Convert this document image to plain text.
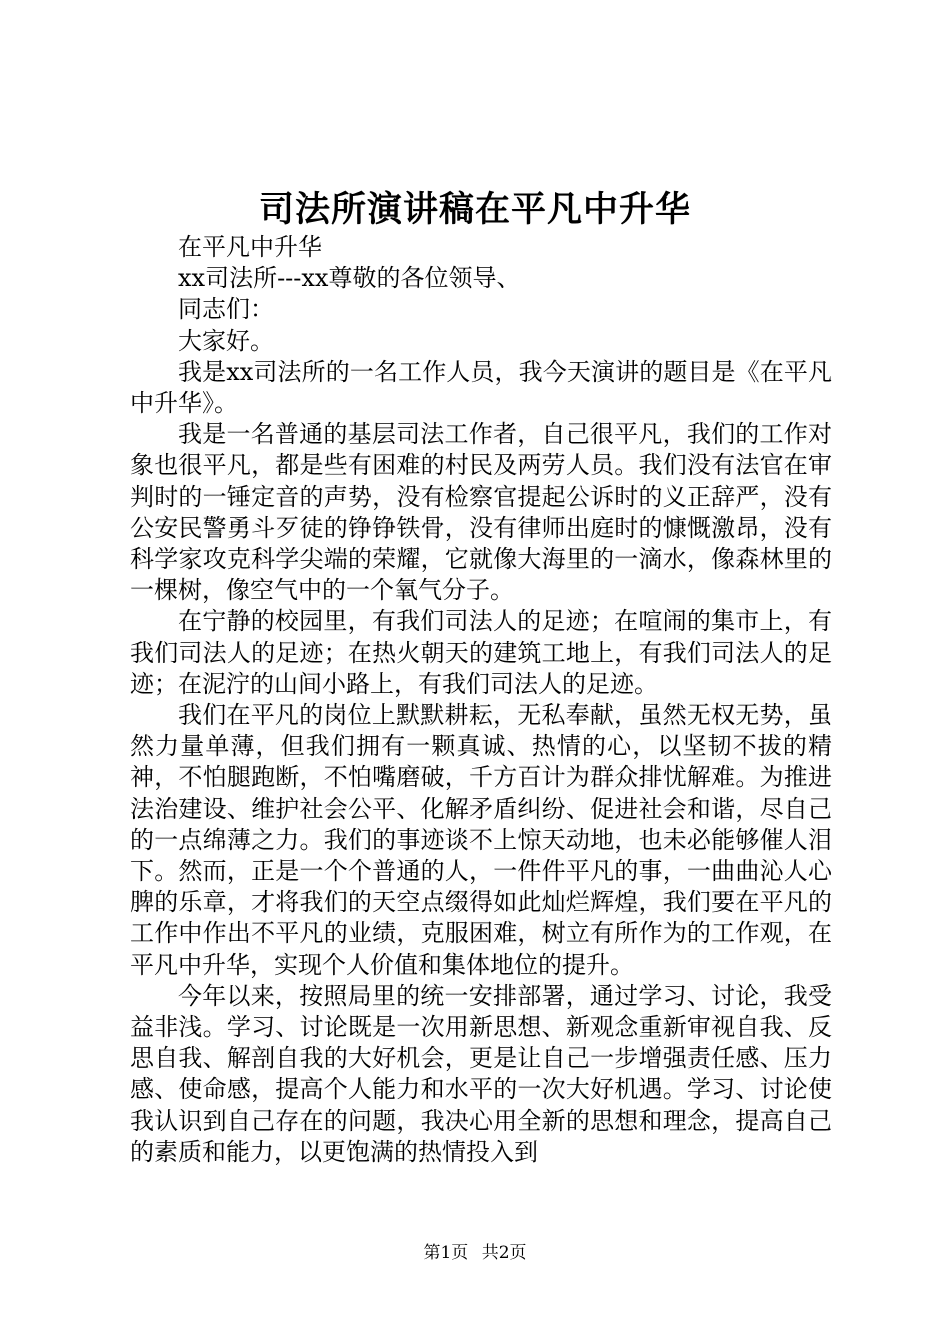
司法所演讲稿在平凡中升华

在平凡中升华

xx司法所---xx尊敬的各位领导、

同志们：

大家好。

我是xx司法所的一名工作人员，我今天演讲的题目是《在平凡中升华》。

我是一名普通的基层司法工作者，自己很平凡，我们的工作对象也很平凡，都是些有困难的村民及两劳人员。我们没有法官在审判时的一锤定音的声势，没有检察官提起公诉时的义正辞严，没有公安民警勇斗歹徒的铮铮铁骨，没有律师出庭时的慷慨激昂，没有科学家攻克科学尖端的荣耀，它就像大海里的一滴水，像森林里的一棵树，像空气中的一个氧气分子。

在宁静的校园里，有我们司法人的足迹；在喧闹的集市上，有我们司法人的足迹；在热火朝天的建筑工地上，有我们司法人的足迹；在泥泞的山间小路上，有我们司法人的足迹。

我们在平凡的岗位上默默耕耘，无私奉献，虽然无权无势，虽然力量单薄，但我们拥有一颗真诚、热情的心，以坚韧不拔的精神，不怕腿跑断，不怕嘴磨破，千方百计为群众排忧解难。为推进法治建设、维护社会公平、化解矛盾纠纷、促进社会和谐，尽自己的一点绵薄之力。我们的事迹谈不上惊天动地，也未必能够催人泪下。然而，正是一个个普通的人，一件件平凡的事，一曲曲沁人心脾的乐章，才将我们的天空点缀得如此灿烂辉煌，我们要在平凡的工作中作出不平凡的业绩，克服困难，树立有所作为的工作观，在平凡中升华，实现个人价值和集体地位的提升。

今年以来，按照局里的统一安排部署，通过学习、讨论，我受益非浅。学习、讨论既是一次用新思想、新观念重新审视自我、反思自我、解剖自我的大好机会，更是让自己一步增强责任感、压力感、使命感，提高个人能力和水平的一次大好机遇。学习、讨论使我认识到自己存在的问题，我决心用全新的思想和理念，提高自己的素质和能力，以更饱满的热情投入到

第1页 共2页
